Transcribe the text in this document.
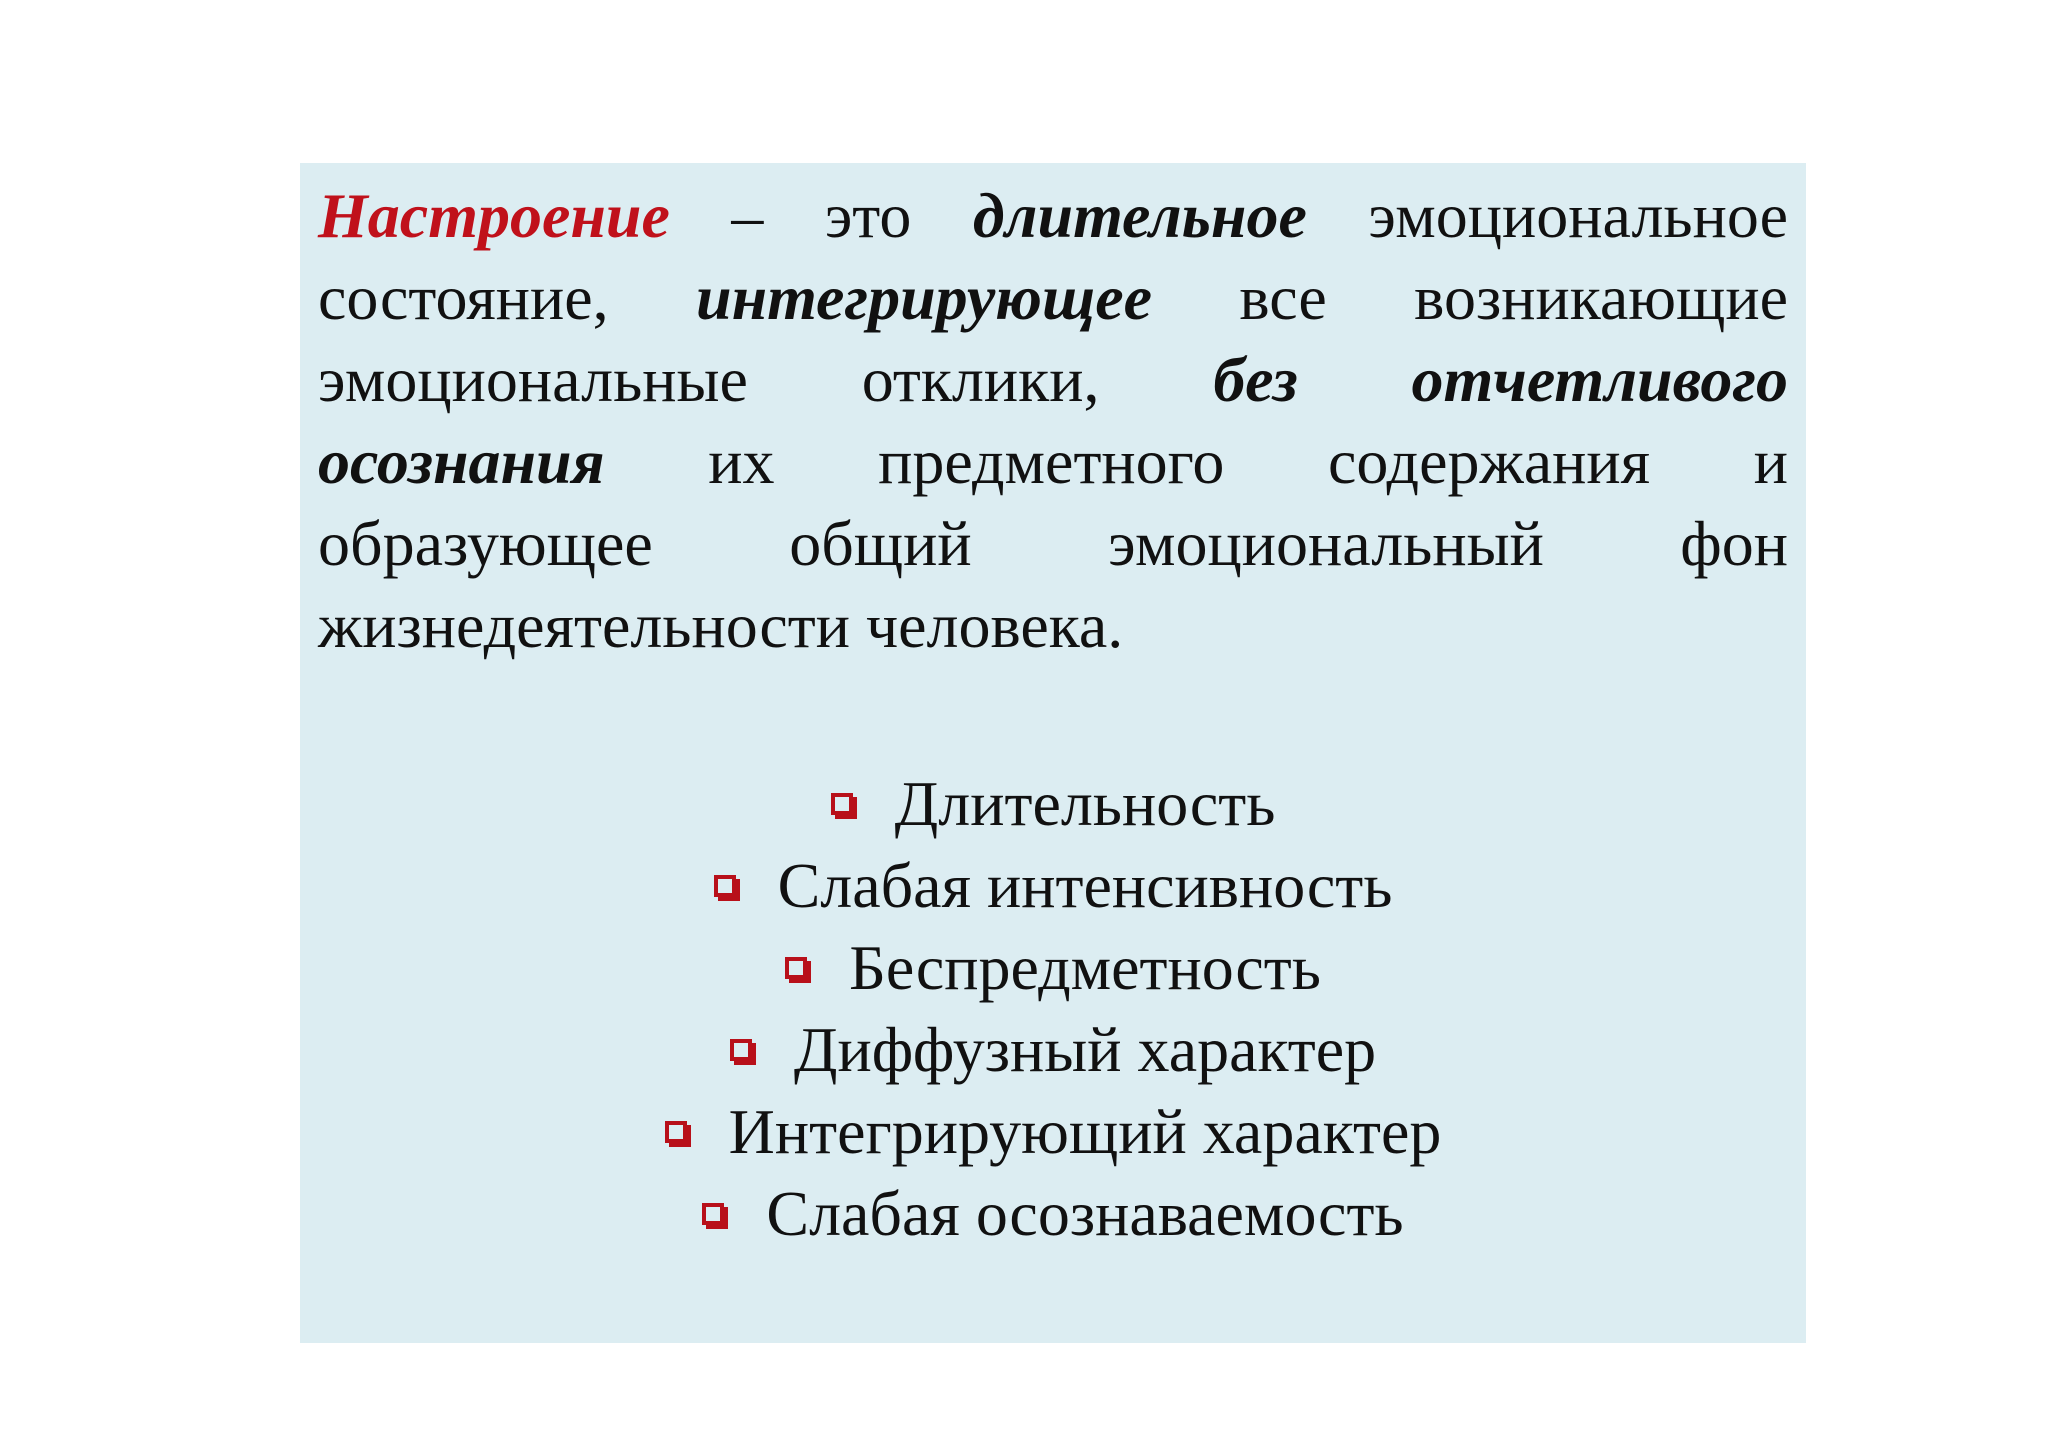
Настроение – это длительное эмоциональное состояние, интегрирующее все возникающие эмоциональные отклики, без отчетливого осознания их предметного содержания и образующее общий эмоциональный фон жизнедеятельности человека.

Длительность
Слабая интенсивность
Беспредметность
Диффузный характер
Интегрирующий характер
Слабая осознаваемость
